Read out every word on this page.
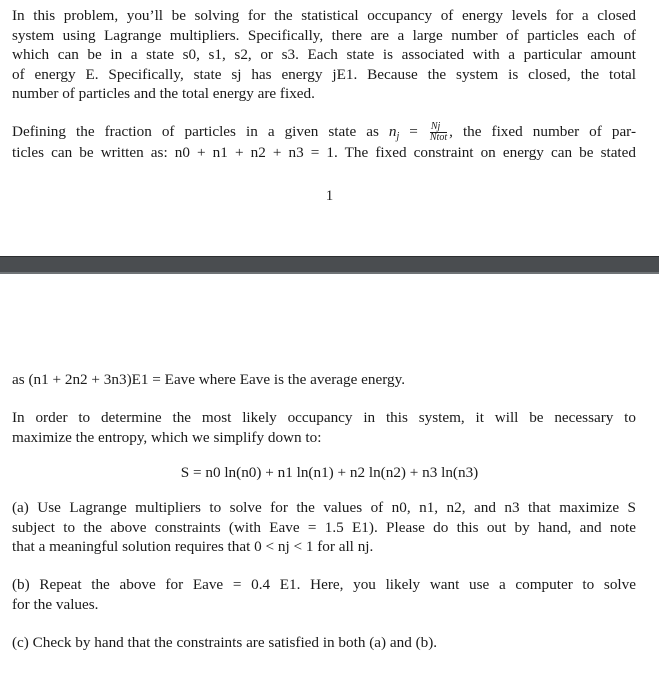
In this problem, you’ll be solving for the statistical occupancy of energy levels for a closed
system using Lagrange multipliers. Specifically, there are a large number of particles each of
which can be in a state s0, s1, s2, or s3. Each state is associated with a particular amount
of energy E. Specifically, state sj has energy jE1. Because the system is closed, the total
number of particles and the total energy are fixed.
Defining the fraction of particles in a given state as $n_j = \frac{Nj}{\text{Ntot}}$ , the fixed number of par-
ticles can be written as: n0 + n1 + n2 + n3 = 1. The fixed constraint on energy can be stated
1
as (n1 + 2n2 + 3n3)E1 = Eave where Eave is the average energy.
In order to determine the most likely occupancy in this system, it will be necessary to
maximize the entropy, which we simplify down to:
S = n0 ln(n0) + n1 ln(n1) + n2 ln(n2) + n3 ln(n3)
(a) Use Lagrange multipliers to solve for the values of n0, n1, n2, and n3 that maximize S
subject to the above constraints (with Eave = 1.5 E1). Please do this out by hand, and note
that a meaningful solution requires that 0 < nj < 1 for all nj.
(b) Repeat the above for Eave = 0.4 E1. Here, you likely want use a computer to solve
for the values.
(c) Check by hand that the constraints are satisfied in both (a) and (b).
